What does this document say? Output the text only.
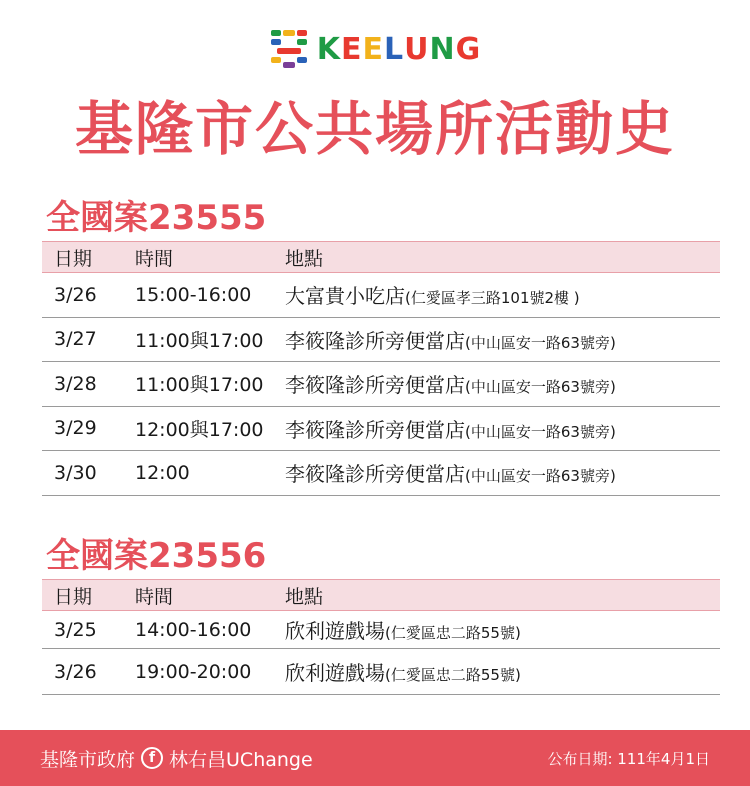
KEELUNG
基隆市公共場所活動史
全國案23555
日期	時間	地點
3/26	15:00-16:00	大富貴小吃店(仁愛區孝三路101號2樓 )
3/27	11:00與17:00	李筱隆診所旁便當店(中山區安一路63號旁)
3/28	11:00與17:00	李筱隆診所旁便當店(中山區安一路63號旁)
3/29	12:00與17:00	李筱隆診所旁便當店(中山區安一路63號旁)
3/30	12:00	李筱隆診所旁便當店(中山區安一路63號旁)
全國案23556
日期	時間	地點
3/25	14:00-16:00	欣利遊戲場(仁愛區忠二路55號)
3/26	19:00-20:00	欣利遊戲場(仁愛區忠二路55號)
基隆市政府 f 林右昌UChange	公布日期: 111年4月1日
